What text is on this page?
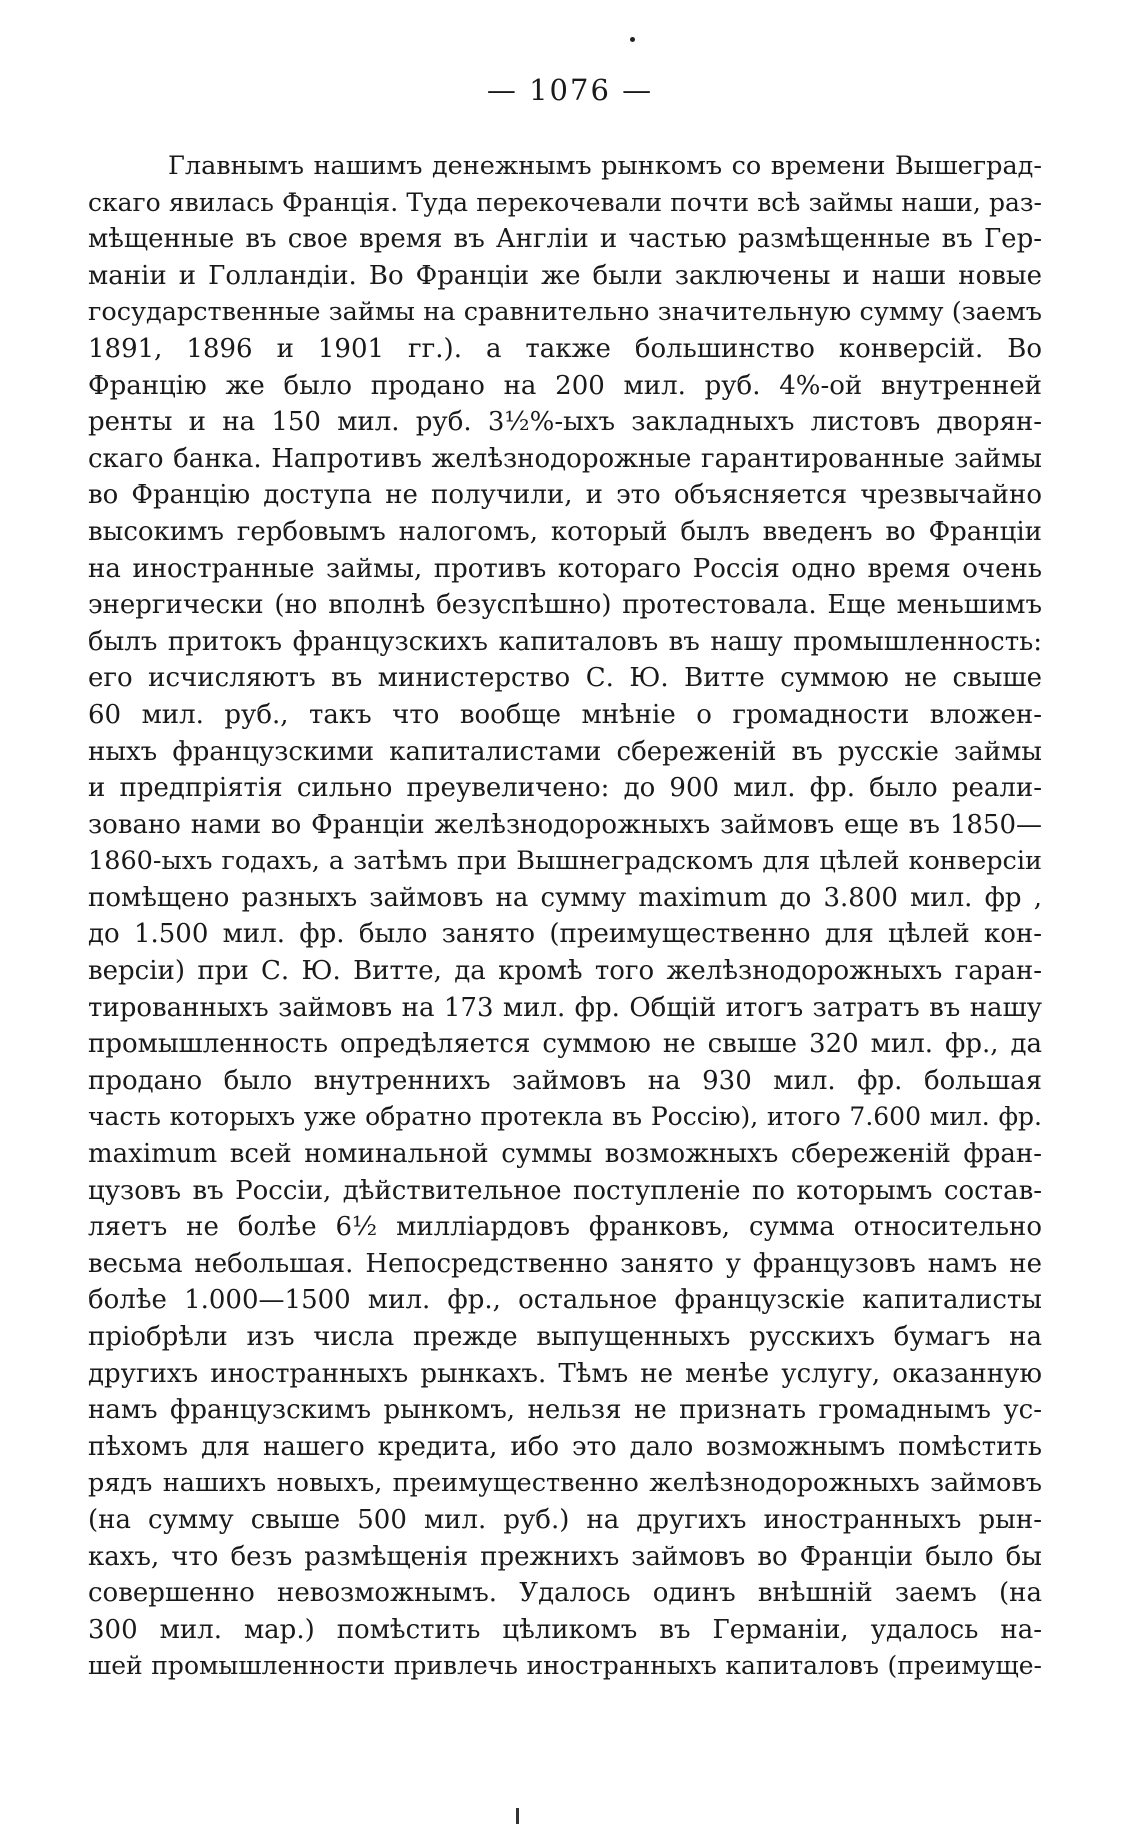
— 1076 —
Главнымъ нашимъ денежнымъ рынкомъ со времени Вышеград-
скаго явилась Францiя. Туда перекочевали почти всѣ займы наши, раз-
мѣщенные въ свое время въ Англiи и частью размѣщенные въ Гер-
манiи и Голландiи. Во Францiи же были заключены и наши новые
государственные займы на сравнительно значительную сумму (заемъ
1891, 1896 и 1901 гг.). а также большинство конверсiй. Во
Францiю же было продано на 200 мил. руб. 4%-ой внутренней
ренты и на 150 мил. руб. 3½%-ыхъ закладныхъ листовъ дворян-
скаго банка. Напротивъ желѣзнодорожные гарантированные займы
во Францiю доступа не получили, и это объясняется чрезвычайно
высокимъ гербовымъ налогомъ, который былъ введенъ во Францiи
на иностранные займы, противъ котораго Россiя одно время очень
энергически (но вполнѣ безуспѣшно) протестовала. Еще меньшимъ
былъ притокъ французскихъ капиталовъ въ нашу промышленность:
его исчисляютъ въ министерство С. Ю. Витте суммою не свыше
60 мил. руб., такъ что вообще мнѣнiе о громадности вложен-
ныхъ французскими капиталистами сбереженiй въ русскiе займы
и предпрiятiя сильно преувеличено: до 900 мил. фр. было реали-
зовано нами во Францiи желѣзнодорожныхъ займовъ еще въ 1850—
1860-ыхъ годахъ, а затѣмъ при Вышнеградскомъ для цѣлей конверсiи
помѣщено разныхъ займовъ на сумму maximum до 3.800 мил. фр ,
до 1.500 мил. фр. было занято (преимущественно для цѣлей кон-
версiи) при С. Ю. Витте, да кромѣ того желѣзнодорожныхъ гаран-
тированныхъ займовъ на 173 мил. фр. Общiй итогъ затратъ въ нашу
промышленность опредѣляется суммою не свыше 320 мил. фр., да
продано было внутреннихъ займовъ на 930 мил. фр. большая
часть которыхъ уже обратно протекла въ Россiю), итого 7.600 мил. фр.
maximum всей номинальной суммы возможныхъ сбереженiй фран-
цузовъ въ Россiи, дѣйствительное поступленiе по которымъ состав-
ляетъ не болѣе 6½ миллiардовъ франковъ, сумма относительно
весьма небольшая. Непосредственно занято у французовъ намъ не
болѣе 1.000—1500 мил. фр., остальное французскiе капиталисты
прiобрѣли изъ числа прежде выпущенныхъ русскихъ бумагъ на
другихъ иностранныхъ рынкахъ. Тѣмъ не менѣе услугу, оказанную
намъ французскимъ рынкомъ, нельзя не признать громаднымъ ус-
пѣхомъ для нашего кредита, ибо это дало возможнымъ помѣстить
рядъ нашихъ новыхъ, преимущественно желѣзнодорожныхъ займовъ
(на сумму свыше 500 мил. руб.) на другихъ иностранныхъ рын-
кахъ, что безъ размѣщенiя прежнихъ займовъ во Францiи было бы
совершенно невозможнымъ. Удалось одинъ внѣшнiй заемъ (на
300 мил. мар.) помѣстить цѣликомъ въ Германiи, удалось на-
шей промышленности привлечь иностранныхъ капиталовъ (преимуще-
